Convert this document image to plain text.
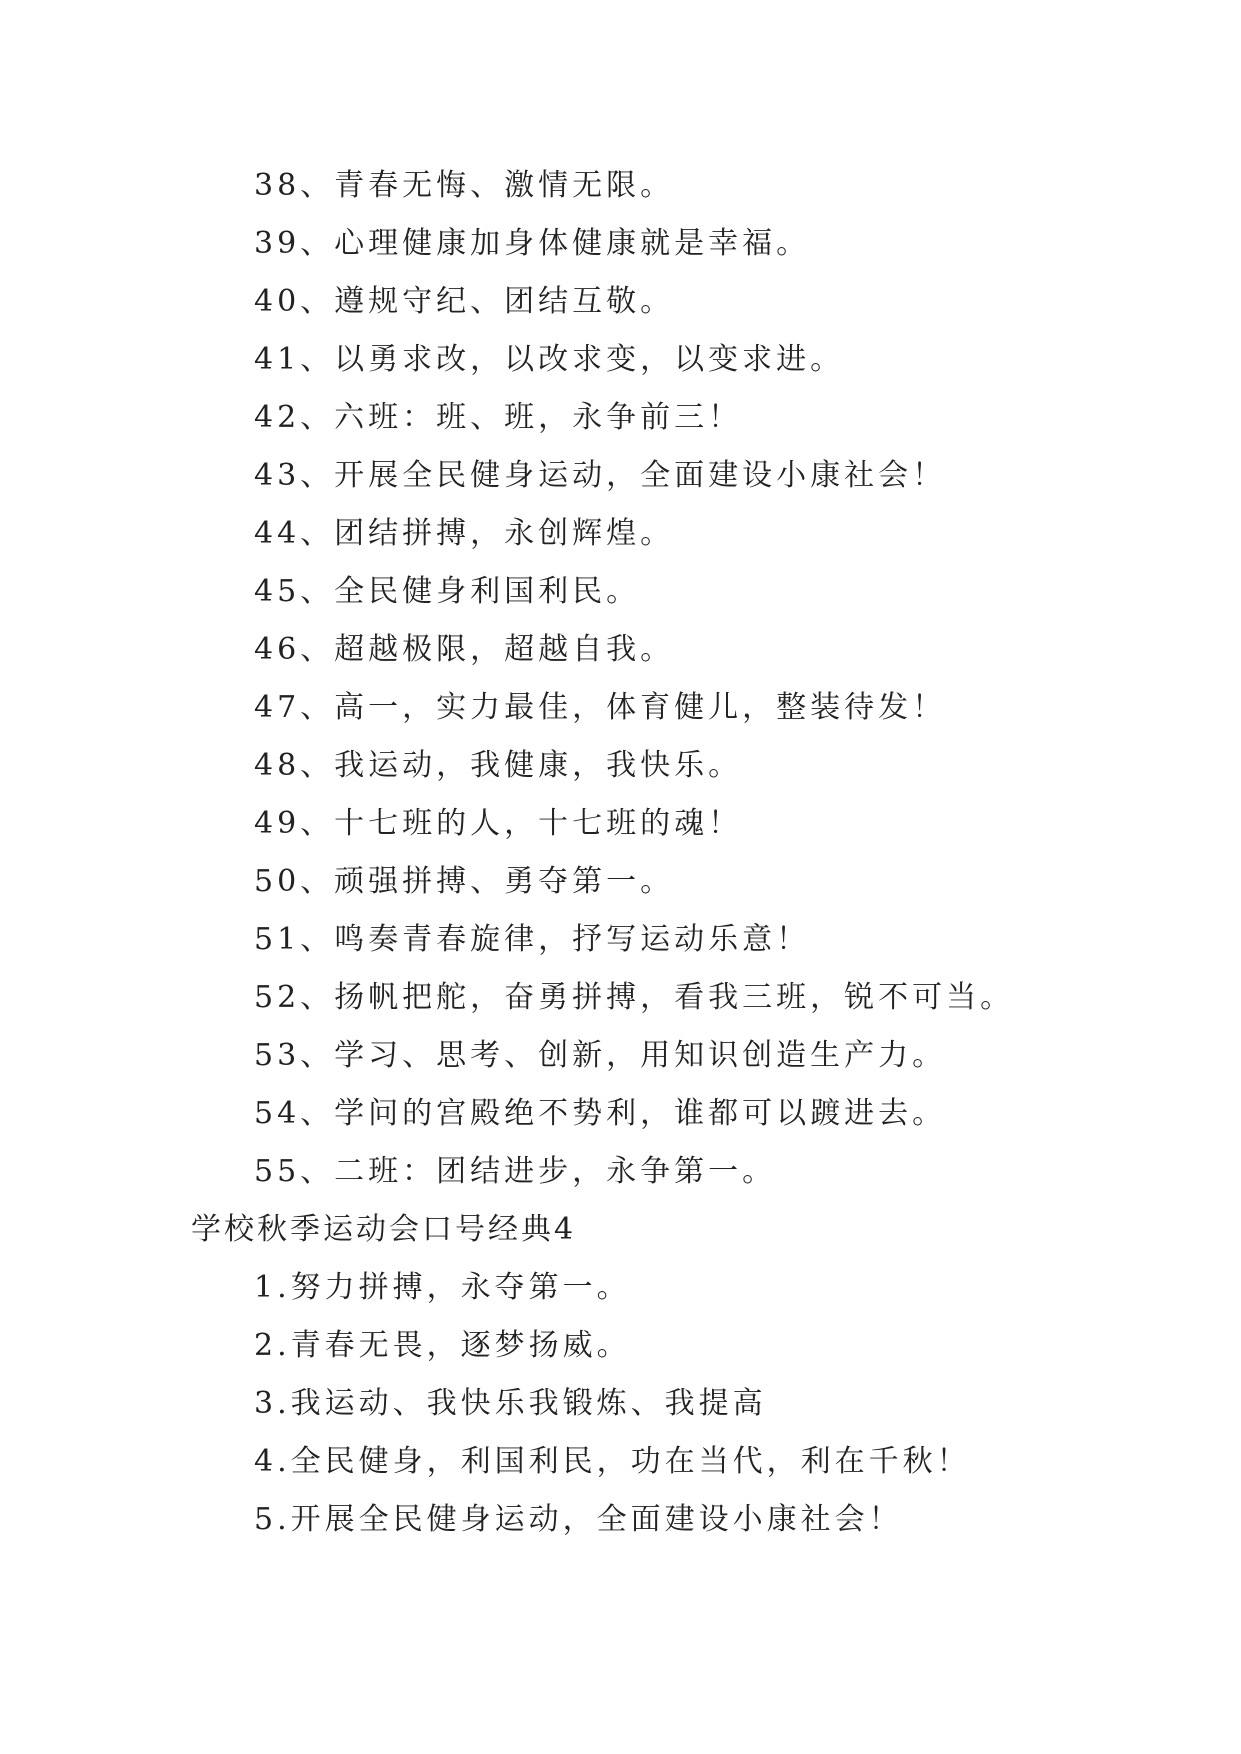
38、青春无悔、激情无限。
39、心理健康加身体健康就是幸福。
40、遵规守纪、团结互敬。
41、以勇求改，以改求变，以变求进。
42、六班：班、班，永争前三！
43、开展全民健身运动，全面建设小康社会！
44、团结拼搏，永创辉煌。
45、全民健身利国利民。
46、超越极限，超越自我。
47、高一，实力最佳，体育健儿，整装待发！
48、我运动，我健康，我快乐。
49、十七班的人，十七班的魂！
50、顽强拼搏、勇夺第一。
51、鸣奏青春旋律，抒写运动乐意！
52、扬帆把舵，奋勇拼搏，看我三班，锐不可当。
53、学习、思考、创新，用知识创造生产力。
54、学问的宫殿绝不势利，谁都可以踱进去。
55、二班：团结进步，永争第一。
学校秋季运动会口号经典4
1.努力拼搏，永夺第一。
2.青春无畏，逐梦扬威。
3.我运动、我快乐我锻炼、我提高
4.全民健身，利国利民，功在当代，利在千秋！
5.开展全民健身运动，全面建设小康社会！
